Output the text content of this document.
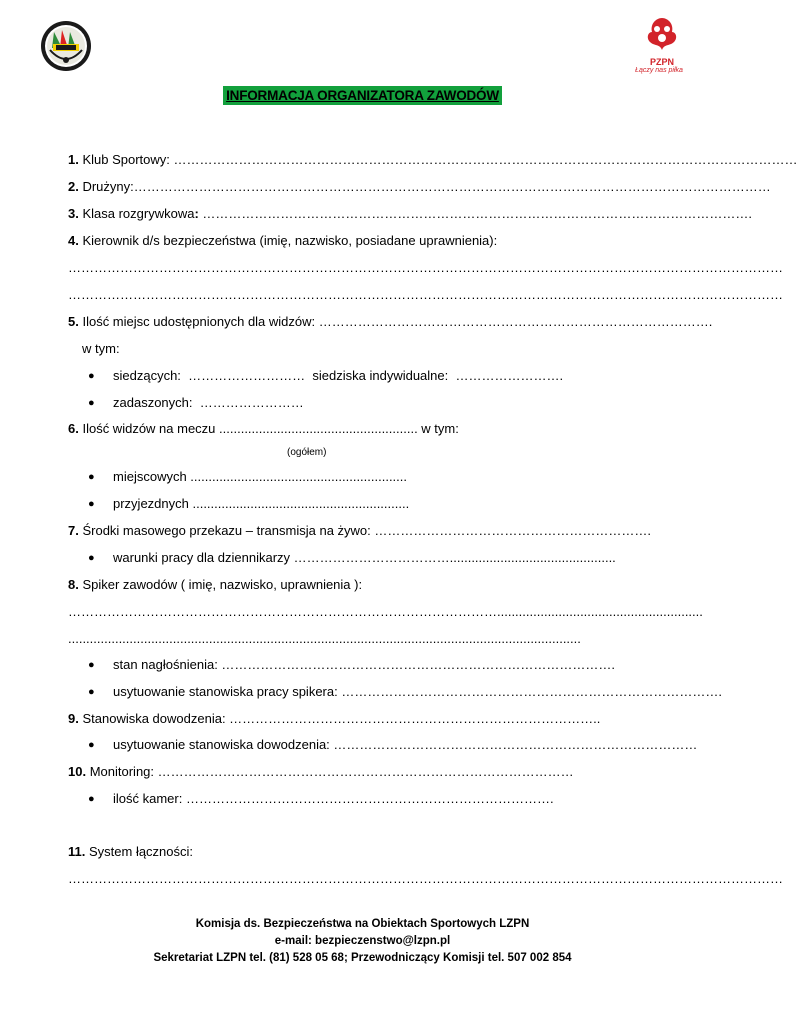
PZPN
Łączy nas piłka
INFORMACJA ORGANIZATORA ZAWODÓW
1. Klub Sportowy: ………………………………………………………………………………………………………………………………
2. Drużyny:…………………………………………………………………………………………………………………………………
3. Klasa rozgrywkowa: ……………………………………………………………………………………………………………….
4. Kierownik d/s bezpieczeństwa (imię, nazwisko, posiadane uprawnienia):
…………………………………………………………………………………………………………………………………………………
…………………………………………………………………………………………………………………………………………………
5. Ilość miejsc udostępnionych dla widzów: ……………………………………………………………………………….
w tym:
● siedzących: ……………………… siedziska indywidualne: …………………….
● zadaszonych: ……………………
6. Ilość widzów na meczu ....................................................... w tym:
(ogółem)
● miejscowych ............................................................
● przyjezdnych ............................................................
7. Środki masowego przekazu – transmisja na żywo: ……………………………………………………….
● warunki pracy dla dziennikarzy ………………………………..............................................
8. Spiker zawodów ( imię, nazwisko, uprawnienia ):
……………………………………………………………………………………….........................................................
..............................................................................................................................................
● stan nagłośnienia: ……………………………………………………………………………….
● usytuowanie stanowiska pracy spikera: …………………………………………………………………………….
9. Stanowiska dowodzenia: …………………………………………………………………………..
● usytuowanie stanowiska dowodzenia: …………………………………………………………………………
10. Monitoring: ……………………………………………………………………………………
● ilość kamer: ………………………………………………………………………….
11. System łączności:
…………………………………………………………………………………………………………………………………………………
Komisja ds. Bezpieczeństwa na Obiektach Sportowych LZPN
e-mail: bezpieczenstwo@lzpn.pl
Sekretariat LZPN tel. (81) 528 05 68; Przewodniczący Komisji tel. 507 002 854
